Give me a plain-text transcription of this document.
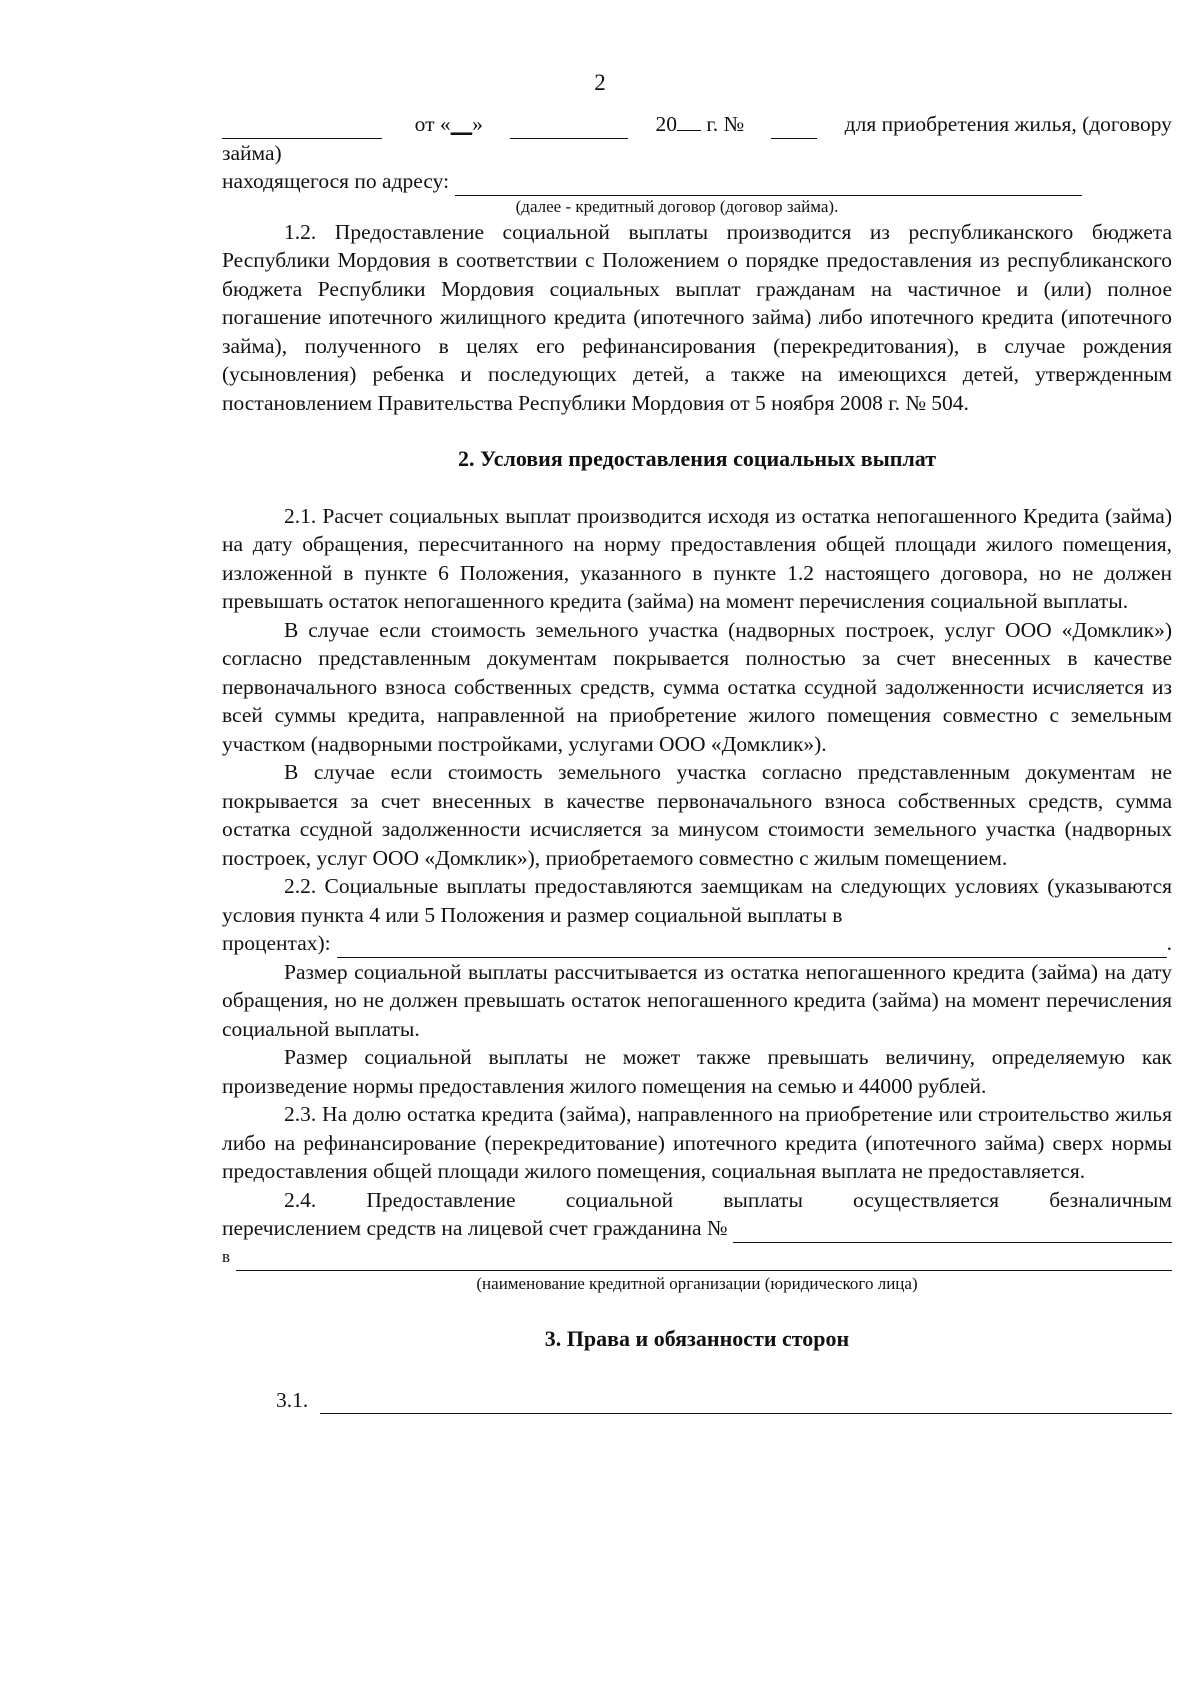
2
от «__»	20 г. №	для приобретения жилья, (договору

займа)

находящегося по адресу:
(далее - кредитный договор (договор займа).

1.2. Предоставление социальной выплаты производится из республиканского бюджета Республики Мордовия в соответствии с Положением о порядке предоставления из республиканского бюджета Республики Мордовия социальных выплат гражданам на частичное и (или) полное погашение ипотечного жилищного кредита (ипотечного займа) либо ипотечного кредита (ипотечного займа), полученного в целях его рефинансирования (перекредитования), в случае рождения (усыновления) ребенка и последующих детей, а также на имеющихся детей, утвержденным постановлением Правительства Республики Мордовия от 5 ноября 2008 г. № 504.

2. Условия предоставления социальных выплат

2.1. Расчет социальных выплат производится исходя из остатка непогашенного Кредита (займа) на дату обращения, пересчитанного на норму предоставления общей площади жилого помещения, изложенной в пункте 6 Положения, указанного в пункте 1.2 настоящего договора, но не должен превышать остаток непогашенного кредита (займа) на момент перечисления социальной выплаты.

В случае если стоимость земельного участка (надворных построек, услуг ООО «Домклик») согласно представленным документам покрывается полностью за счет внесенных в качестве первоначального взноса собственных средств, сумма остатка ссудной задолженности исчисляется из всей суммы кредита, направленной на приобретение жилого помещения совместно с земельным участком (надворными постройками, услугами ООО «Домклик»).

В случае если стоимость земельного участка согласно представленным документам не покрывается за счет внесенных в качестве первоначального взноса собственных средств, сумма остатка ссудной задолженности исчисляется за минусом стоимости земельного участка (надворных построек, услуг ООО «Домклик»), приобретаемого совместно с жилым помещением.

2.2. Социальные выплаты предоставляются заемщикам на следующих условиях (указываются условия пункта 4 или 5 Положения и размер социальной выплаты в

процентах):	.

Размер социальной выплаты рассчитывается из остатка непогашенного кредита (займа) на дату обращения, но не должен превышать остаток непогашенного кредита (займа) на момент перечисления социальной выплаты.

Размер социальной выплаты не может также превышать величину, определяемую как произведение нормы предоставления жилого помещения на семью и 44000 рублей.

2.3. На долю остатка кредита (займа), направленного на приобретение или строительство жилья либо на рефинансирование (перекредитование) ипотечного кредита (ипотечного займа) сверх нормы предоставления общей площади жилого помещения, социальная выплата не предоставляется.

2.4. Предоставление социальной выплаты осуществляется безналичным

перечислением средств на лицевой счет гражданина №
в
(наименование кредитной организации (юридического лица)

3. Права и обязанности сторон

3.1.
